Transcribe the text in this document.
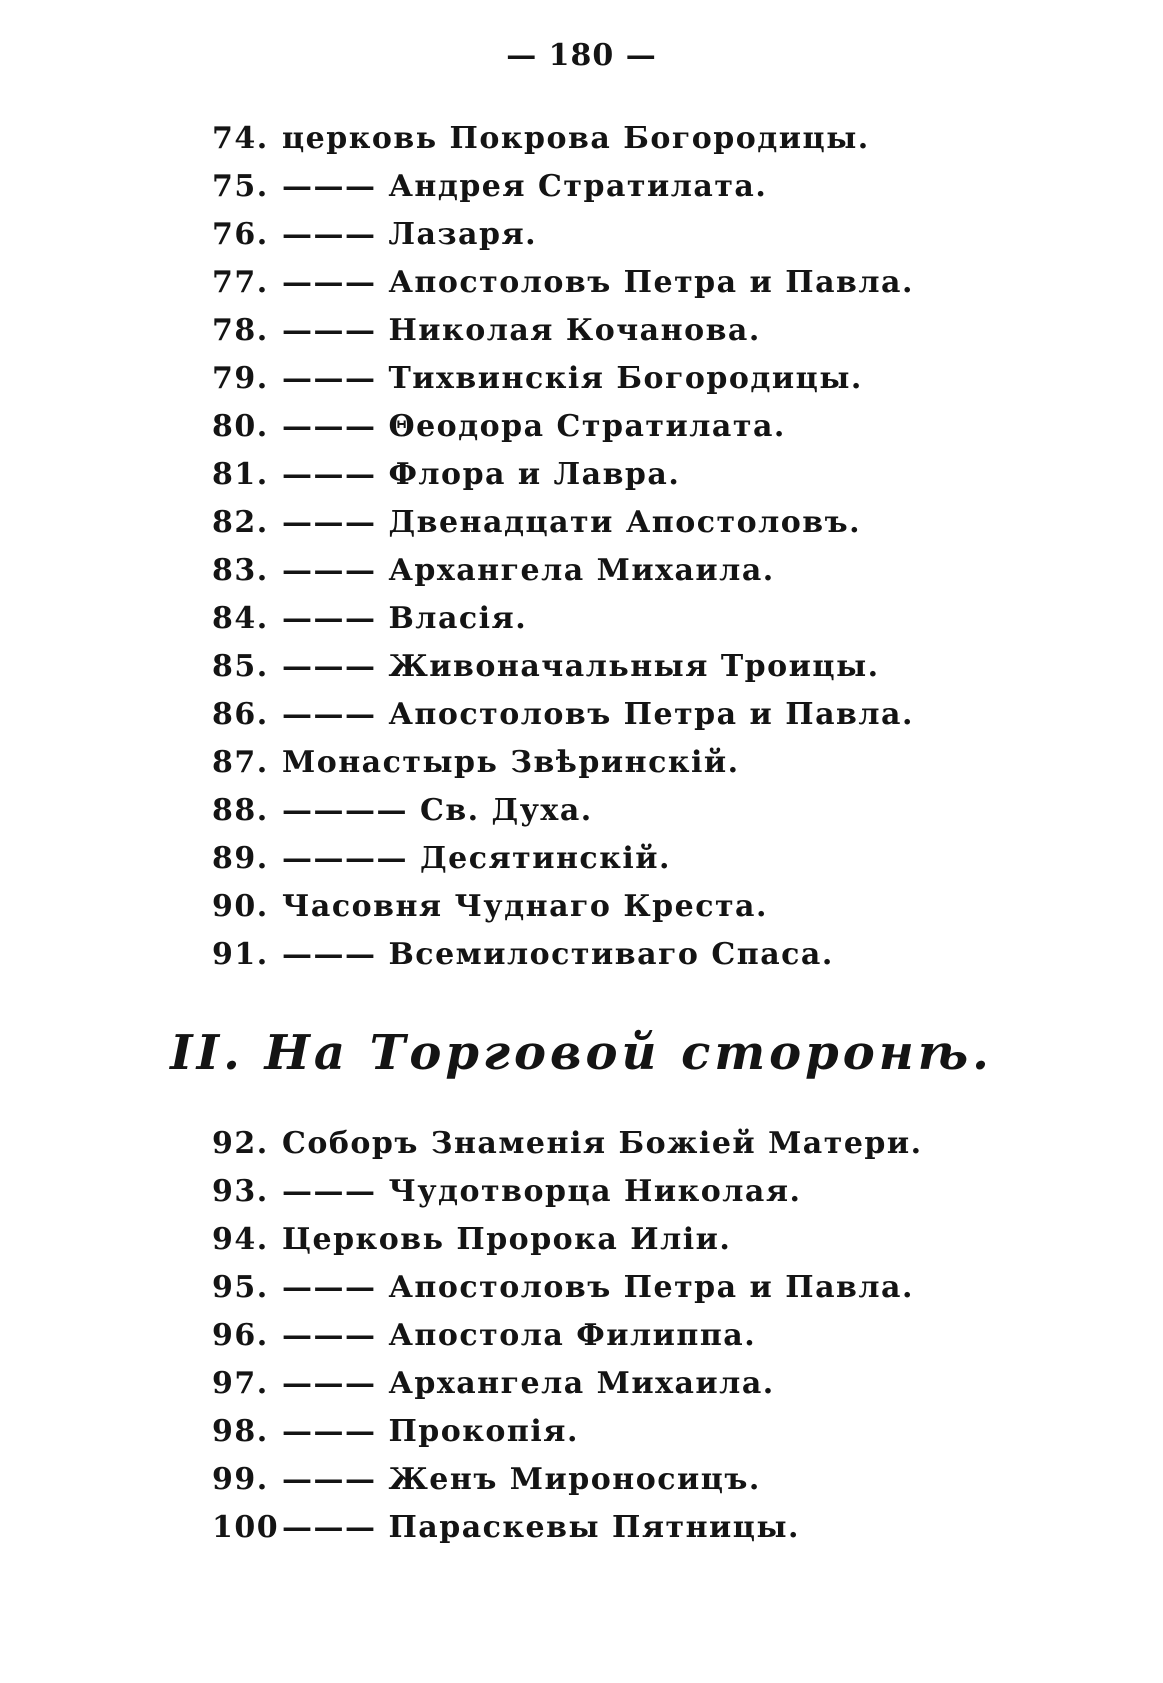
— 180 —
74. церковь Покрова Богородицы.
75. ——— Андрея Стратилата.
76. ——— Лазаря.
77. ——— Апостоловъ Петра и Павла.
78. ——— Николая Кочанова.
79. ——— Тихвинскія Богородицы.
80. ——— Θеодора Стратилата.
81. ——— Флора и Лавра.
82. ——— Двенадцати Апостоловъ.
83. ——— Архангела Михаила.
84. ——— Власія.
85. ——— Живоначальныя Троицы.
86. ——— Апостоловъ Петра и Павла.
87. Монастырь Звѣринскій.
88. ———— Св. Духа.
89. ———— Десятинскій.
90. Часовня Чуднаго Креста.
91. ——— Всемилостиваго Спаса.
II. На Торговой сторонѣ.
92. Соборъ Знаменія Божіей Матери.
93. ——— Чудотворца Николая.
94. Церковь Пророка Иліи.
95. ——— Апостоловъ Петра и Павла.
96. ——— Апостола Филиппа.
97. ——— Архангела Михаила.
98. ——— Прокопія.
99. ——— Женъ Мироносицъ.
100 ——— Параскевы Пятницы.
